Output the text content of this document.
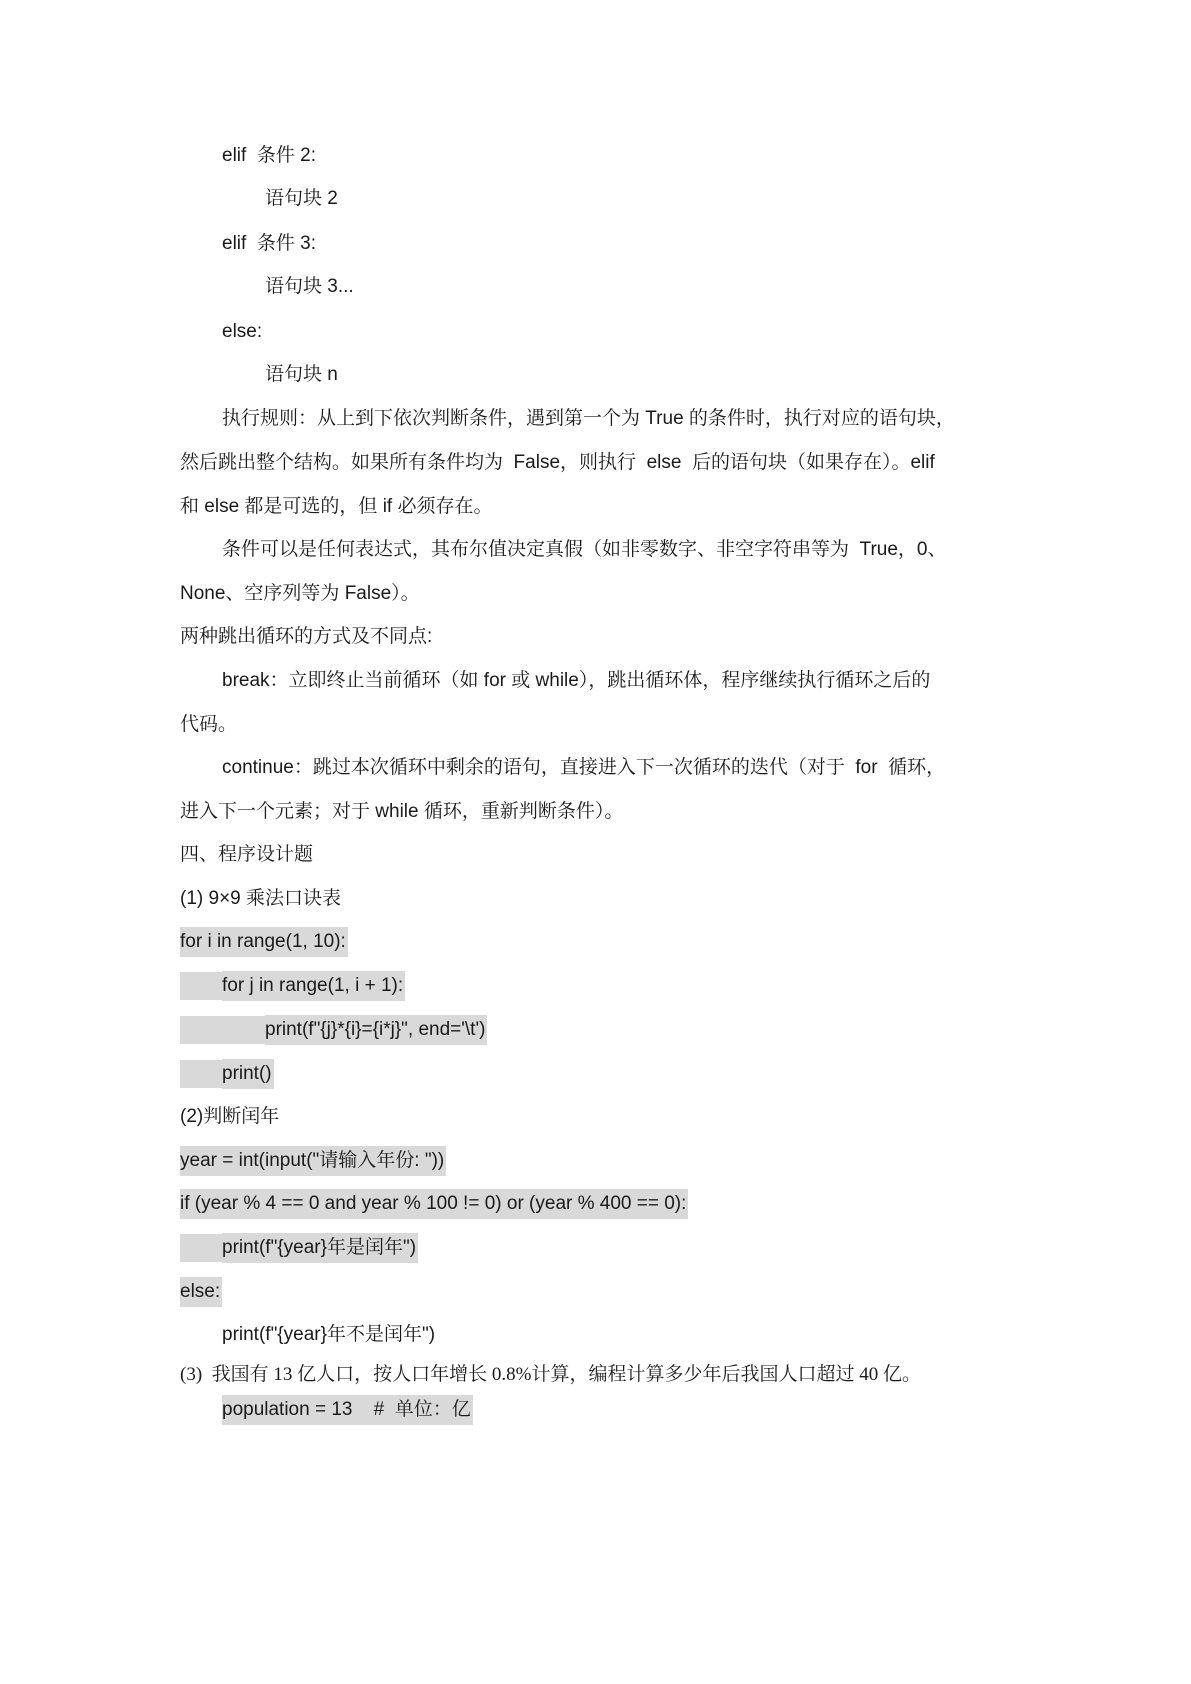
elif  条件 2:
语句块 2
elif  条件 3:
语句块 3...
else:
语句块 n
执行规则：从上到下依次判断条件，遇到第一个为 True 的条件时，执行对应的语句块，
然后跳出整个结构。如果所有条件均为  False，则执行  else  后的语句块（如果存在）。elif
和 else 都是可选的，但 if 必须存在。
条件可以是任何表达式，其布尔值决定真假（如非零数字、非空字符串等为  True，0、
None、空序列等为 False）。
两种跳出循环的方式及不同点:
break：立即终止当前循环（如 for 或 while），跳出循环体，程序继续执行循环之后的
代码。
continue：跳过本次循环中剩余的语句，直接进入下一次循环的迭代（对于  for  循环，
进入下一个元素；对于 while 循环，重新判断条件）。
四、程序设计题
(1) 9×9 乘法口诀表
for i in range(1, 10):
for j in range(1, i + 1):
print(f"{j}*{i}={i*j}", end='\t')
print()
(2)判断闰年
year = int(input("请输入年份: "))
if (year % 4 == 0 and year % 100 != 0) or (year % 400 == 0):
print(f"{year}年是闰年")
else:
print(f"{year}年不是闰年")
(3)  我国有 13 亿人口，按人口年增长 0.8%计算，编程计算多少年后我国人口超过 40 亿。
population = 13    #  单位：亿
